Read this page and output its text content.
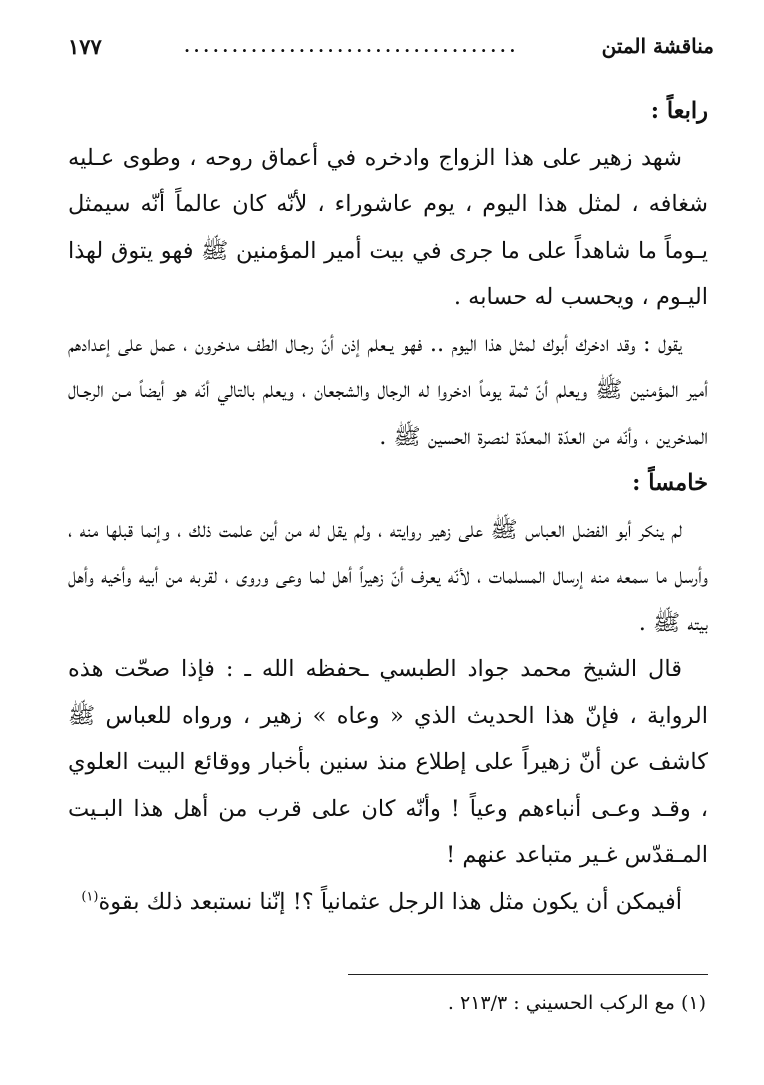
مناقشة المتن
...................................
١٧٧

رابعاً :

شهد زهير على هذا الزواج وادخره في أعماق روحه ، وطوى عـليه شغافه ، لمثل هذا اليوم ، يوم عاشوراء ، لأنّه كان عالماً أنّه سيمثل يـوماً ما شاهداً على ما جرى في بيت أمير المؤمنين ﷺ فهو يتوق لهذا اليـوم ، ويحسب له حسابه .

يقول : وقد ادخرك أبوك لمثل هذا اليوم .. فهو يـعلم إذن أنّ رجـال الطف مدخرون ، عمل على إعدادهم أمير المؤمنين ﷺ ويعلم أنّ ثمة يوماً ادخروا له الرجال والشجعان ، ويعلم بالتالي أنّه هو أيضاً مـن الرجـال المدخرين ، وأنّه من العدّة المعدّة لنصرة الحسين ﷺ .

خامساً :

لم ينكر أبو الفضل العباس ﷺ على زهير روايته ، ولم يقل له من أين علمت ذلك ، وإنما قبلها منه ، وأرسل ما سمعه منه إرسال المسلمات ، لأنّه يعرف أنّ زهيراً أهل لما وعى وروى ، لقربه من أبيه وأخيه وأهل بيته ﷺ .

قال الشيخ محمد جواد الطبسي ـحفظه الله ـ : فإذا صحّت هذه الرواية ، فإنّ هذا الحديث الذي « وعاه » زهير ، ورواه للعباس ﷺ كاشف عن أنّ زهيراً على إطلاع منذ سنين بأخبار ووقائع البيت العلوي ، وقـد وعـى أنباءهم وعياً ! وأنّه كان على قرب من أهل هذا البـيت المـقدّس غـير متباعد عنهم !

أفيمكن أن يكون مثل هذا الرجل عثمانياً ؟! إنّنا نستبعد ذلك بقوة$^{(١)}$

(١) مع الركب الحسيني : ٢١٣/٣ .
